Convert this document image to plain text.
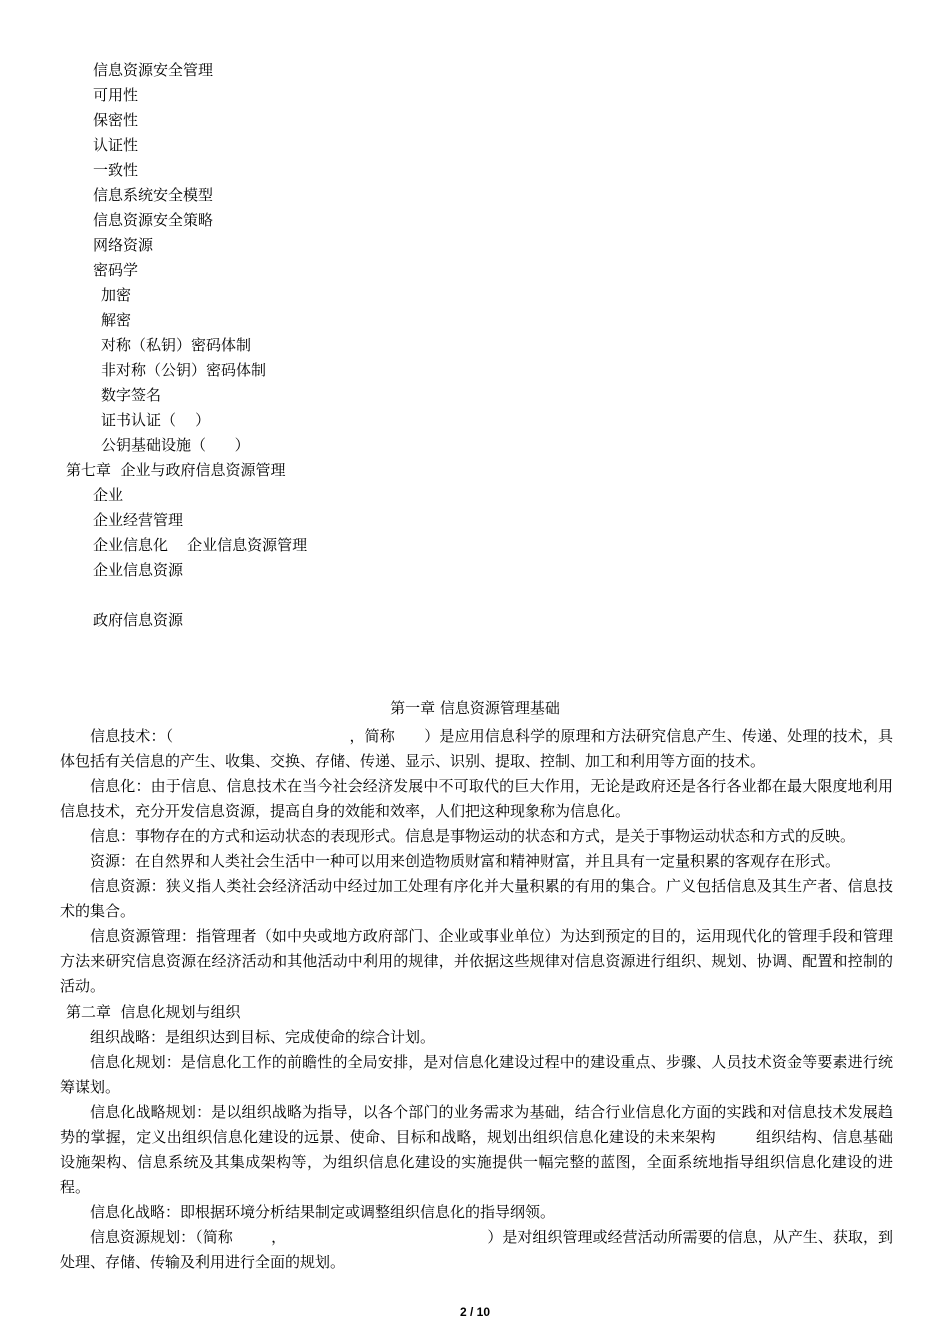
信息资源安全管理
可用性
保密性
认证性
一致性
信息系统安全模型
信息资源安全策略
网络资源
密码学
加密
解密
对称（私钥）密码体制
非对称（公钥）密码体制
数字签名
证书认证（    ）
公钥基础设施（      ）
第七章  企业与政府信息资源管理
企业
企业经营管理
企业信息化    企业信息资源管理
企业信息资源
政府信息资源
第一章 信息资源管理基础
信息技术：（                                    ，简称      ）是应用信息科学的原理和方法研究信息产生、传递、处理的技术，具体包括有关信息的产生、收集、交换、存储、传递、显示、识别、提取、控制、加工和利用等方面的技术。
信息化：由于信息、信息技术在当今社会经济发展中不可取代的巨大作用，无论是政府还是各行各业都在最大限度地利用信息技术，充分开发信息资源，提高自身的效能和效率，人们把这种现象称为信息化。
信息：事物存在的方式和运动状态的表现形式。信息是事物运动的状态和方式，是关于事物运动状态和方式的反映。
资源：在自然界和人类社会生活中一种可以用来创造物质财富和精神财富，并且具有一定量积累的客观存在形式。
信息资源：狭义指人类社会经济活动中经过加工处理有序化并大量积累的有用的集合。广义包括信息及其生产者、信息技术的集合。
信息资源管理：指管理者（如中央或地方政府部门、企业或事业单位）为达到预定的目的，运用现代化的管理手段和管理方法来研究信息资源在经济活动和其他活动中利用的规律，并依据这些规律对信息资源进行组织、规划、协调、配置和控制的活动。
第二章  信息化规划与组织
组织战略：是组织达到目标、完成使命的综合计划。
信息化规划：是信息化工作的前瞻性的全局安排，是对信息化建设过程中的建设重点、步骤、人员技术资金等要素进行统筹谋划。
信息化战略规划：是以组织战略为指导，以各个部门的业务需求为基础，结合行业信息化方面的实践和对信息技术发展趋势的掌握，定义出组织信息化建设的远景、使命、目标和战略，规划出组织信息化建设的未来架构        组织结构、信息基础设施架构、信息系统及其集成架构等，为组织信息化建设的实施提供一幅完整的蓝图，全面系统地指导组织信息化建设的进程。
信息化战略：即根据环境分析结果制定或调整组织信息化的指导纲领。
信息资源规划：（简称        ，                                          ）是对组织管理或经营活动所需要的信息，从产生、获取，到处理、存储、传输及利用进行全面的规划。
2 / 10
